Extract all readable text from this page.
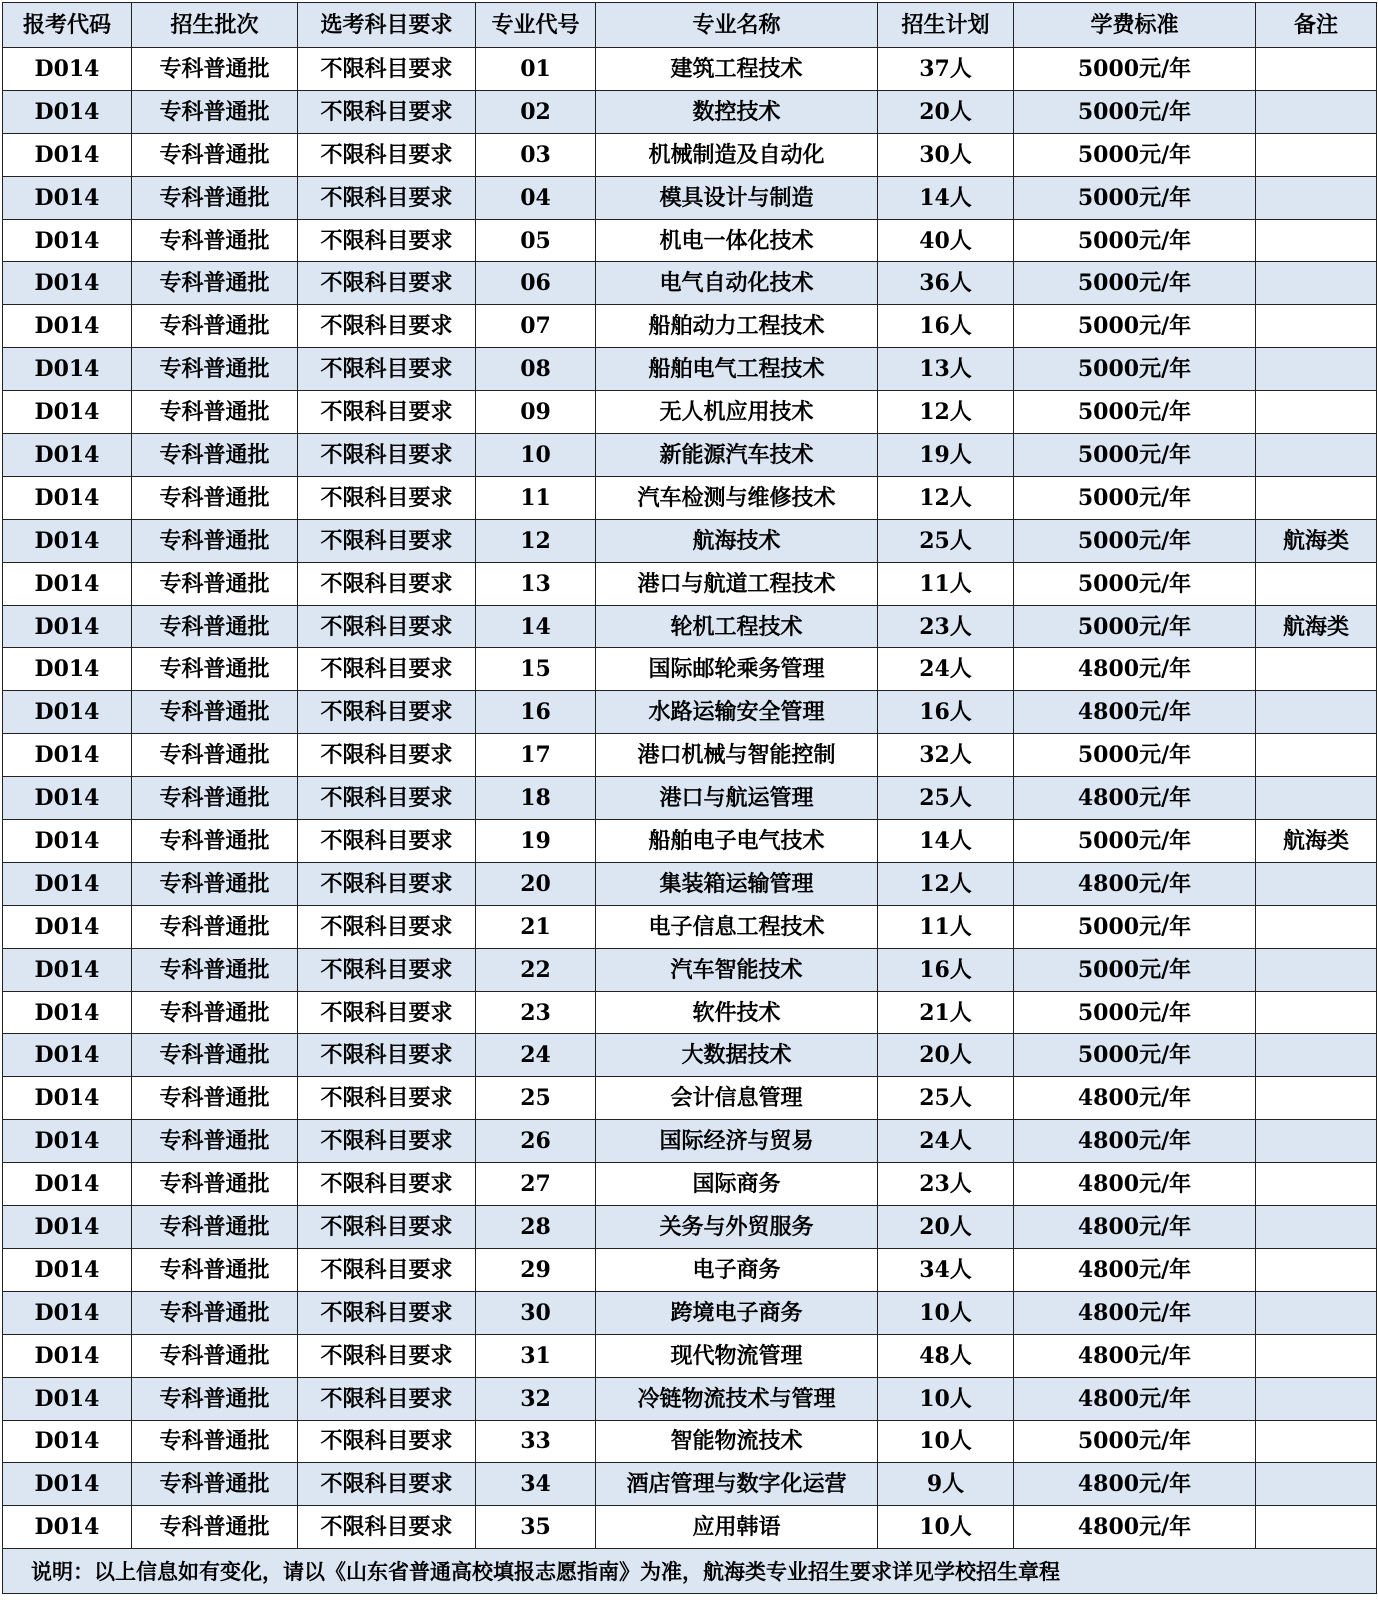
报考代码	招生批次	选考科目要求	专业代号	专业名称	招生计划	学费标准	备注
D014	专科普通批	不限科目要求	01	建筑工程技术	37人	5000元/年	
D014	专科普通批	不限科目要求	02	数控技术	20人	5000元/年	
D014	专科普通批	不限科目要求	03	机械制造及自动化	30人	5000元/年	
D014	专科普通批	不限科目要求	04	模具设计与制造	14人	5000元/年	
D014	专科普通批	不限科目要求	05	机电一体化技术	40人	5000元/年	
D014	专科普通批	不限科目要求	06	电气自动化技术	36人	5000元/年	
D014	专科普通批	不限科目要求	07	船舶动力工程技术	16人	5000元/年	
D014	专科普通批	不限科目要求	08	船舶电气工程技术	13人	5000元/年	
D014	专科普通批	不限科目要求	09	无人机应用技术	12人	5000元/年	
D014	专科普通批	不限科目要求	10	新能源汽车技术	19人	5000元/年	
D014	专科普通批	不限科目要求	11	汽车检测与维修技术	12人	5000元/年	
D014	专科普通批	不限科目要求	12	航海技术	25人	5000元/年	航海类
D014	专科普通批	不限科目要求	13	港口与航道工程技术	11人	5000元/年	
D014	专科普通批	不限科目要求	14	轮机工程技术	23人	5000元/年	航海类
D014	专科普通批	不限科目要求	15	国际邮轮乘务管理	24人	4800元/年	
D014	专科普通批	不限科目要求	16	水路运输安全管理	16人	4800元/年	
D014	专科普通批	不限科目要求	17	港口机械与智能控制	32人	5000元/年	
D014	专科普通批	不限科目要求	18	港口与航运管理	25人	4800元/年	
D014	专科普通批	不限科目要求	19	船舶电子电气技术	14人	5000元/年	航海类
D014	专科普通批	不限科目要求	20	集装箱运输管理	12人	4800元/年	
D014	专科普通批	不限科目要求	21	电子信息工程技术	11人	5000元/年	
D014	专科普通批	不限科目要求	22	汽车智能技术	16人	5000元/年	
D014	专科普通批	不限科目要求	23	软件技术	21人	5000元/年	
D014	专科普通批	不限科目要求	24	大数据技术	20人	5000元/年	
D014	专科普通批	不限科目要求	25	会计信息管理	25人	4800元/年	
D014	专科普通批	不限科目要求	26	国际经济与贸易	24人	4800元/年	
D014	专科普通批	不限科目要求	27	国际商务	23人	4800元/年	
D014	专科普通批	不限科目要求	28	关务与外贸服务	20人	4800元/年	
D014	专科普通批	不限科目要求	29	电子商务	34人	4800元/年	
D014	专科普通批	不限科目要求	30	跨境电子商务	10人	4800元/年	
D014	专科普通批	不限科目要求	31	现代物流管理	48人	4800元/年	
D014	专科普通批	不限科目要求	32	冷链物流技术与管理	10人	4800元/年	
D014	专科普通批	不限科目要求	33	智能物流技术	10人	5000元/年	
D014	专科普通批	不限科目要求	34	酒店管理与数字化运营	9人	4800元/年	
D014	专科普通批	不限科目要求	35	应用韩语	10人	4800元/年	
说明：以上信息如有变化，请以《山东省普通高校填报志愿指南》为准，航海类专业招生要求详见学校招生章程							
